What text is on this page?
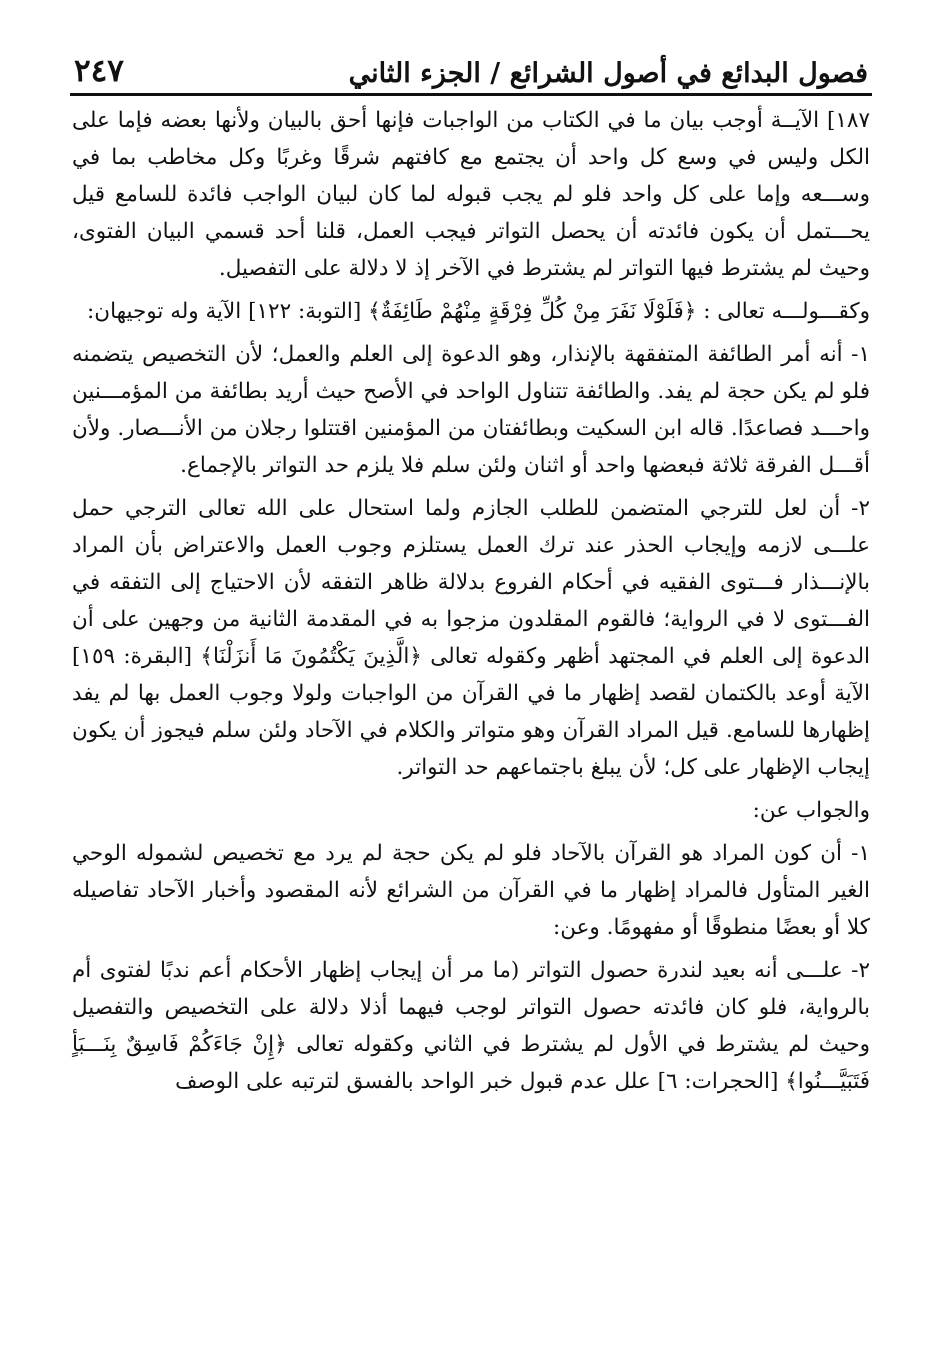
فصول البدائع في أصول الشرائع / الجزء الثاني
٢٤٧

١٨٧] الآيــة أوجب بيان ما في الكتاب من الواجبات فإنها أحق بالبيان ولأنها بعضه فإما على الكل وليس في وسع كل واحد أن يجتمع مع كافتهم شرقًا وغربًا وكل مخاطب بما في وســـعه وإما على كل واحد فلو لم يجب قبوله لما كان لبيان الواجب فائدة للسامع قيل يحـــتمل أن يكون فائدته أن يحصل التواتر فيجب العمل، قلنا أحد قسمي البيان الفتوى، وحيث لم يشترط فيها التواتر لم يشترط في الآخر إذ لا دلالة على التفصيل.

وكقـــولـــه تعالى : ﴿فَلَوْلَا نَفَرَ مِنْ كُلِّ فِرْقَةٍ مِنْهُمْ طَائِفَةٌ﴾ [التوبة: ١٢٢] الآية وله توجيهان:

١- أنه أمر الطائفة المتفقهة بالإنذار، وهو الدعوة إلى العلم والعمل؛ لأن التخصيص يتضمنه فلو لم يكن حجة لم يفد. والطائفة تتناول الواحد في الأصح حيث أريد بطائفة من المؤمـــنين واحـــد فصاعدًا. قاله ابن السكيت وبطائفتان من المؤمنين اقتتلوا رجلان من الأنـــصار. ولأن أقـــل الفرقة ثلاثة فبعضها واحد أو اثنان ولئن سلم فلا يلزم حد التواتر بالإجماع.

٢- أن لعل للترجي المتضمن للطلب الجازم ولما استحال على الله تعالى الترجي حمل علـــى لازمه وإيجاب الحذر عند ترك العمل يستلزم وجوب العمل والاعتراض بأن المراد بالإنـــذار فـــتوى الفقيه في أحكام الفروع بدلالة ظاهر التفقه لأن الاحتياج إلى التفقه في الفـــتوى لا في الرواية؛ فالقوم المقلدون مزجوا به في المقدمة الثانية من وجهين على أن الدعوة إلى العلم في المجتهد أظهر وكقوله تعالى ﴿الَّذِينَ يَكْتُمُونَ مَا أَنزَلْنَا﴾ [البقرة: ١٥٩] الآية أوعد بالكتمان لقصد إظهار ما في القرآن من الواجبات ولولا وجوب العمل بها لم يفد إظهارها للسامع. قيل المراد القرآن وهو متواتر والكلام في الآحاد ولئن سلم فيجوز أن يكون إيجاب الإظهار على كل؛ لأن يبلغ باجتماعهم حد التواتر.

والجواب عن:

١- أن كون المراد هو القرآن بالآحاد فلو لم يكن حجة لم يرد مع تخصيص لشموله الوحي الغير المتأول فالمراد إظهار ما في القرآن من الشرائع لأنه المقصود وأخبار الآحاد تفاصيله كلا أو بعضًا منطوقًا أو مفهومًا. وعن:

٢- علـــى أنه بعيد لندرة حصول التواتر (ما مر أن إيجاب إظهار الأحكام أعم ندبًا لفتوى أم بالرواية، فلو كان فائدته حصول التواتر لوجب فيهما أذلا دلالة على التخصيص والتفصيل وحيث لم يشترط في الأول لم يشترط في الثاني وكقوله تعالى ﴿إِنْ جَاءَكُمْ فَاسِقٌ بِنَـــبَأٍ فَتَبَيَّـــنُوا﴾ [الحجرات: ٦] علل عدم قبول خبر الواحد بالفسق لترتبه على الوصف
